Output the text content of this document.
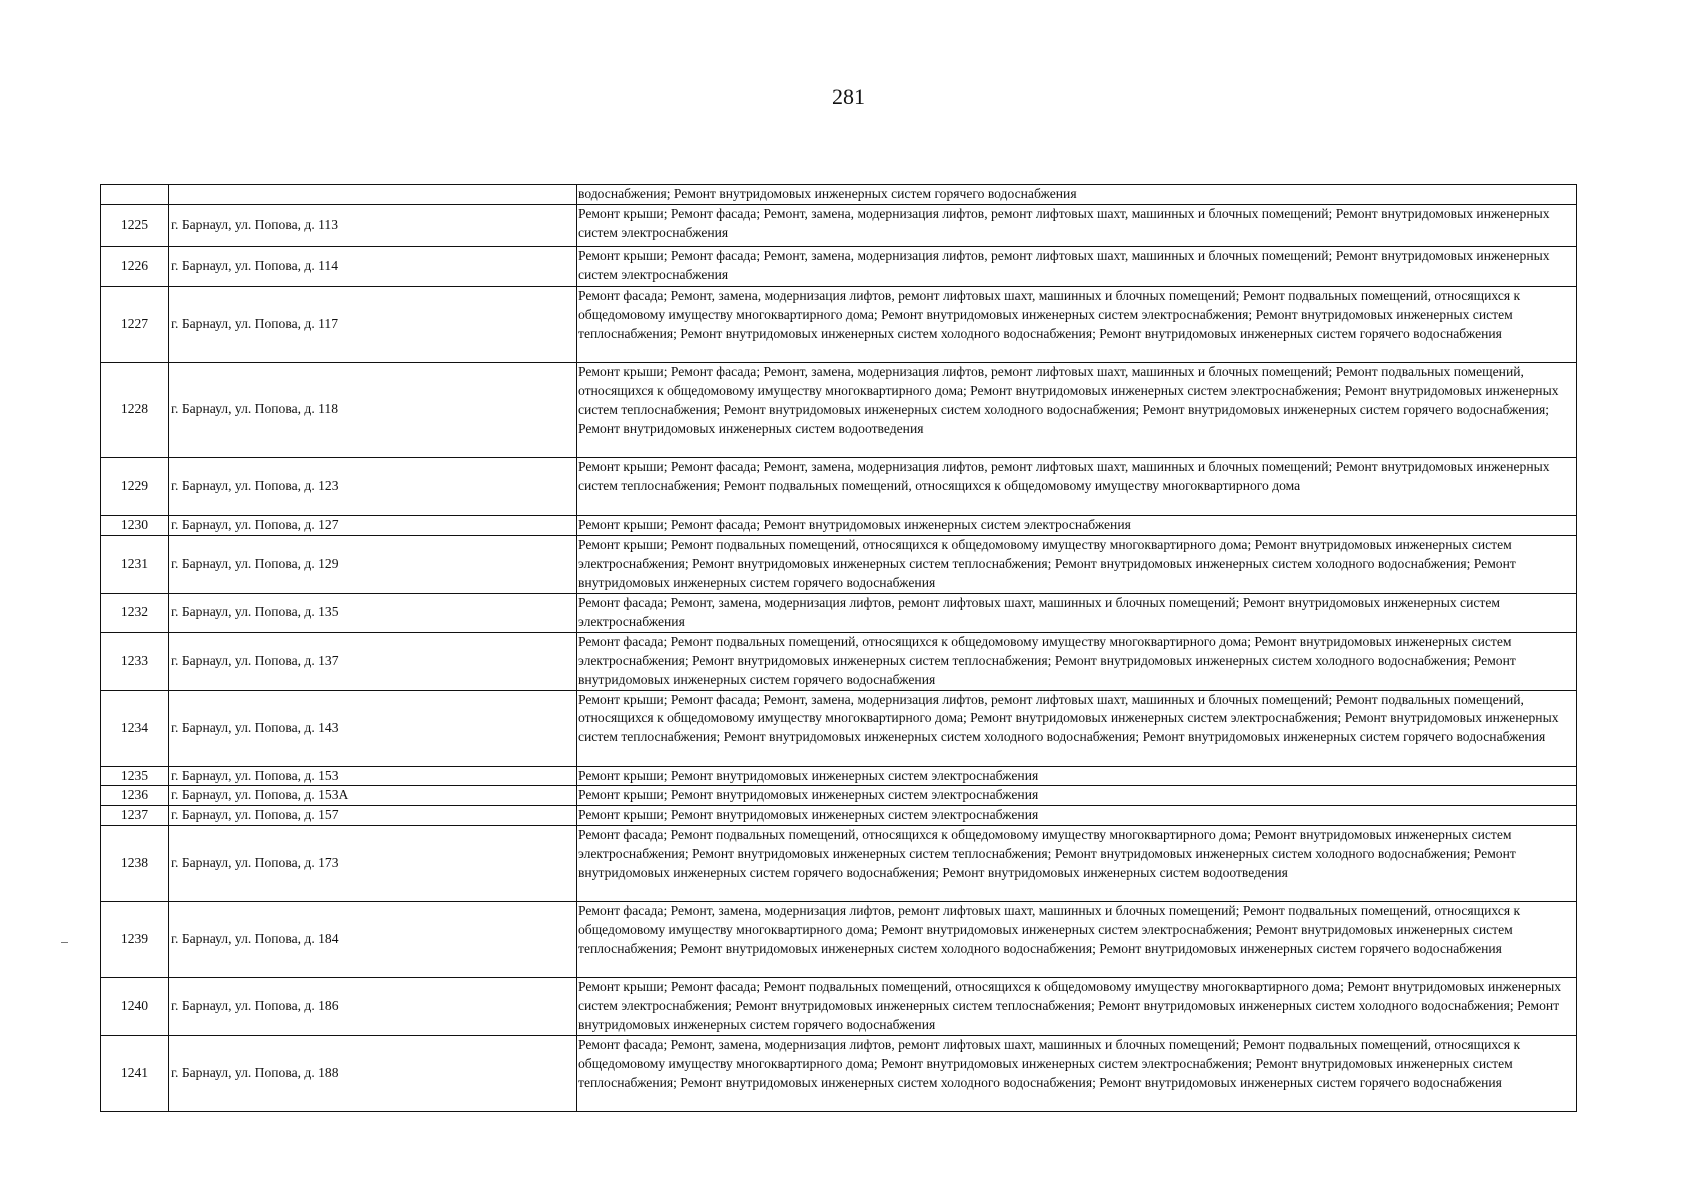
281
		водоснабжения; Ремонт внутридомовых инженерных систем горячего водоснабжения
1225	г. Барнаул, ул. Попова, д. 113	Ремонт крыши; Ремонт фасада; Ремонт, замена, модернизация лифтов, ремонт лифтовых шахт, машинных и блочных помещений; Ремонт внутридомовых инженерных систем электроснабжения
1226	г. Барнаул, ул. Попова, д. 114	Ремонт крыши; Ремонт фасада; Ремонт, замена, модернизация лифтов, ремонт лифтовых шахт, машинных и блочных помещений; Ремонт внутридомовых инженерных систем электроснабжения
1227	г. Барнаул, ул. Попова, д. 117	Ремонт фасада; Ремонт, замена, модернизация лифтов, ремонт лифтовых шахт, машинных и блочных помещений; Ремонт подвальных помещений, относящихся к общедомовому имуществу многоквартирного дома; Ремонт внутридомовых инженерных систем электроснабжения; Ремонт внутридомовых инженерных систем теплоснабжения; Ремонт внутридомовых инженерных систем холодного водоснабжения; Ремонт внутридомовых инженерных систем горячего водоснабжения
1228	г. Барнаул, ул. Попова, д. 118	Ремонт крыши; Ремонт фасада; Ремонт, замена, модернизация лифтов, ремонт лифтовых шахт, машинных и блочных помещений; Ремонт подвальных помещений, относящихся к общедомовому имуществу многоквартирного дома; Ремонт внутридомовых инженерных систем электроснабжения; Ремонт внутридомовых инженерных систем теплоснабжения; Ремонт внутридомовых инженерных систем холодного водоснабжения; Ремонт внутридомовых инженерных систем горячего водоснабжения; Ремонт внутридомовых инженерных систем водоотведения
1229	г. Барнаул, ул. Попова, д. 123	Ремонт крыши; Ремонт фасада; Ремонт, замена, модернизация лифтов, ремонт лифтовых шахт, машинных и блочных помещений; Ремонт внутридомовых инженерных систем теплоснабжения; Ремонт подвальных помещений, относящихся к общедомовому имуществу многоквартирного дома
1230	г. Барнаул, ул. Попова, д. 127	Ремонт крыши; Ремонт фасада; Ремонт внутридомовых инженерных систем электроснабжения
1231	г. Барнаул, ул. Попова, д. 129	Ремонт крыши; Ремонт подвальных помещений, относящихся к общедомовому имуществу многоквартирного дома; Ремонт внутридомовых инженерных систем электроснабжения; Ремонт внутридомовых инженерных систем теплоснабжения; Ремонт внутридомовых инженерных систем холодного водоснабжения; Ремонт внутридомовых инженерных систем горячего водоснабжения
1232	г. Барнаул, ул. Попова, д. 135	Ремонт фасада; Ремонт, замена, модернизация лифтов, ремонт лифтовых шахт, машинных и блочных помещений; Ремонт внутридомовых инженерных систем электроснабжения
1233	г. Барнаул, ул. Попова, д. 137	Ремонт фасада; Ремонт подвальных помещений, относящихся к общедомовому имуществу многоквартирного дома; Ремонт внутридомовых инженерных систем электроснабжения; Ремонт внутридомовых инженерных систем теплоснабжения; Ремонт внутридомовых инженерных систем холодного водоснабжения; Ремонт внутридомовых инженерных систем горячего водоснабжения
1234	г. Барнаул, ул. Попова, д. 143	Ремонт крыши; Ремонт фасада; Ремонт, замена, модернизация лифтов, ремонт лифтовых шахт, машинных и блочных помещений; Ремонт подвальных помещений, относящихся к общедомовому имуществу многоквартирного дома; Ремонт внутридомовых инженерных систем электроснабжения; Ремонт внутридомовых инженерных систем теплоснабжения; Ремонт внутридомовых инженерных систем холодного водоснабжения; Ремонт внутридомовых инженерных систем горячего водоснабжения
1235	г. Барнаул, ул. Попова, д. 153	Ремонт крыши; Ремонт внутридомовых инженерных систем электроснабжения
1236	г. Барнаул, ул. Попова, д. 153А	Ремонт крыши; Ремонт внутридомовых инженерных систем электроснабжения
1237	г. Барнаул, ул. Попова, д. 157	Ремонт крыши; Ремонт внутридомовых инженерных систем электроснабжения
1238	г. Барнаул, ул. Попова, д. 173	Ремонт фасада; Ремонт подвальных помещений, относящихся к общедомовому имуществу многоквартирного дома; Ремонт внутридомовых инженерных систем электроснабжения; Ремонт внутридомовых инженерных систем теплоснабжения; Ремонт внутридомовых инженерных систем холодного водоснабжения; Ремонт внутридомовых инженерных систем горячего водоснабжения; Ремонт внутридомовых инженерных систем водоотведения
1239	г. Барнаул, ул. Попова, д. 184	Ремонт фасада; Ремонт, замена, модернизация лифтов, ремонт лифтовых шахт, машинных и блочных помещений; Ремонт подвальных помещений, относящихся к общедомовому имуществу многоквартирного дома; Ремонт внутридомовых инженерных систем электроснабжения; Ремонт внутридомовых инженерных систем теплоснабжения; Ремонт внутридомовых инженерных систем холодного водоснабжения; Ремонт внутридомовых инженерных систем горячего водоснабжения
1240	г. Барнаул, ул. Попова, д. 186	Ремонт крыши; Ремонт фасада; Ремонт подвальных помещений, относящихся к общедомовому имуществу многоквартирного дома; Ремонт внутридомовых инженерных систем электроснабжения; Ремонт внутридомовых инженерных систем теплоснабжения; Ремонт внутридомовых инженерных систем холодного водоснабжения; Ремонт внутридомовых инженерных систем горячего водоснабжения
1241	г. Барнаул, ул. Попова, д. 188	Ремонт фасада; Ремонт, замена, модернизация лифтов, ремонт лифтовых шахт, машинных и блочных помещений; Ремонт подвальных помещений, относящихся к общедомовому имуществу многоквартирного дома; Ремонт внутридомовых инженерных систем электроснабжения; Ремонт внутридомовых инженерных систем теплоснабжения; Ремонт внутридомовых инженерных систем холодного водоснабжения; Ремонт внутридомовых инженерных систем горячего водоснабжения
